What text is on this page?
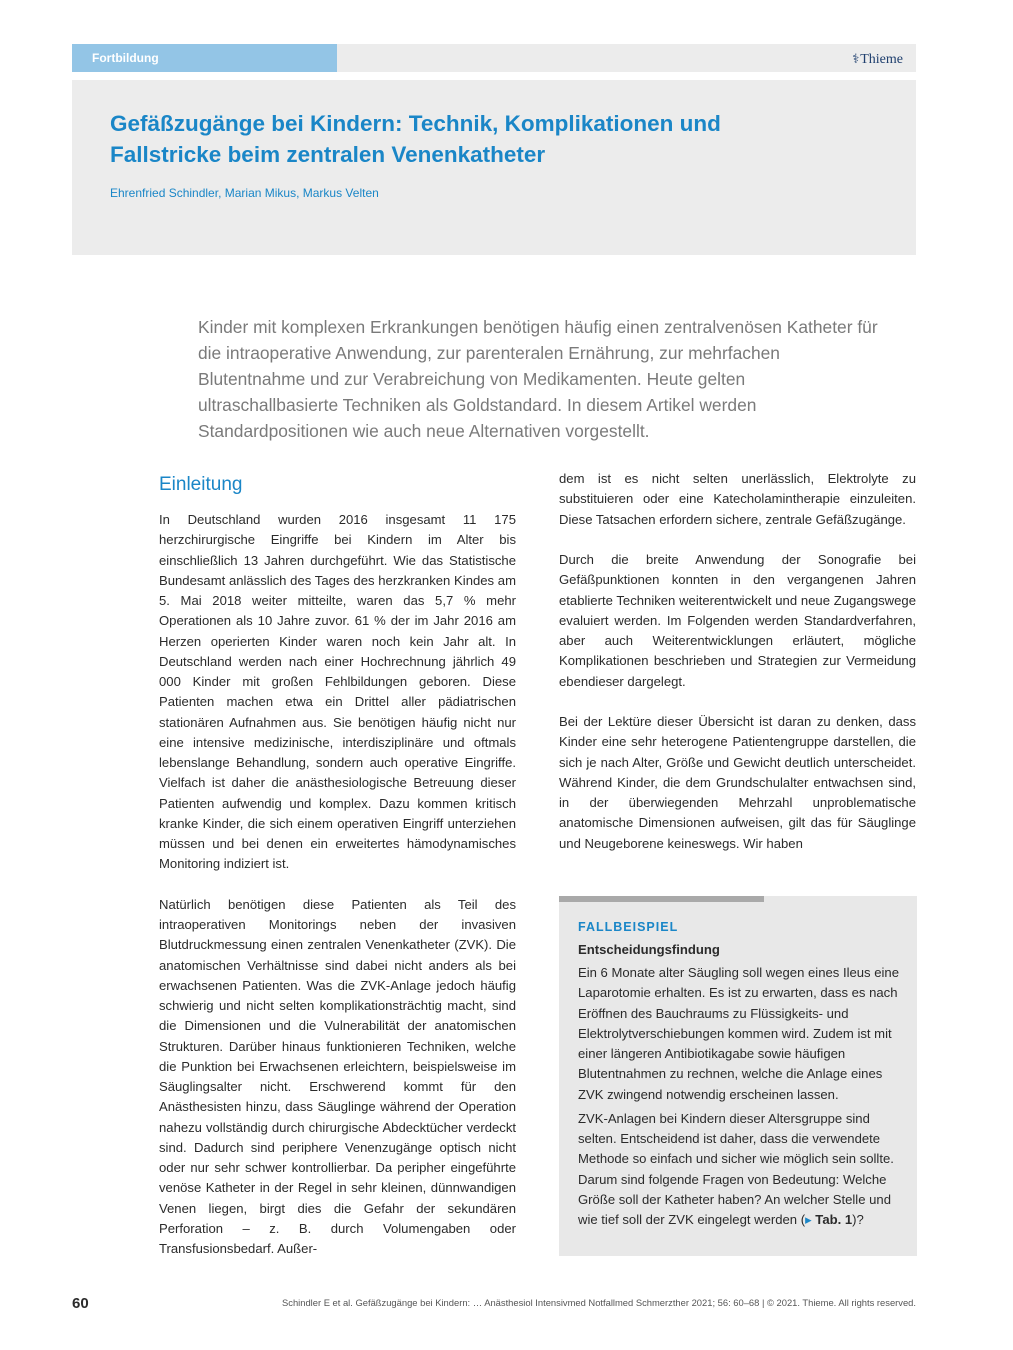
Fortbildung	⚕Thieme
Gefäßzugänge bei Kindern: Technik, Komplikationen und Fallstricke beim zentralen Venenkatheter

Ehrenfried Schindler, Marian Mikus, Markus Velten

Kinder mit komplexen Erkrankungen benötigen häufig einen zentralvenösen Katheter für die intraoperative Anwendung, zur parenteralen Ernährung, zur mehrfachen Blutentnahme und zur Verabreichung von Medikamenten. Heute gelten ultraschallbasierte Techniken als Goldstandard. In diesem Artikel werden Standardpositionen wie auch neue Alternativen vorgestellt.

Einleitung

In Deutschland wurden 2016 insgesamt 11 175 herzchirurgische Eingriffe bei Kindern im Alter bis einschließlich 13 Jahren durchgeführt. Wie das Statistische Bundesamt anlässlich des Tages des herzkranken Kindes am 5. Mai 2018 weiter mitteilte, waren das 5,7 % mehr Operationen als 10 Jahre zuvor. 61 % der im Jahr 2016 am Herzen operierten Kinder waren noch kein Jahr alt. In Deutschland werden nach einer Hochrechnung jährlich 49 000 Kinder mit großen Fehlbildungen geboren. Diese Patienten machen etwa ein Drittel aller pädiatrischen stationären Aufnahmen aus. Sie benötigen häufig nicht nur eine intensive medizinische, interdisziplinäre und oftmals lebenslange Behandlung, sondern auch operative Eingriffe. Vielfach ist daher die anästhesiologische Betreuung dieser Patienten aufwendig und komplex. Dazu kommen kritisch kranke Kinder, die sich einem operativen Eingriff unterziehen müssen und bei denen ein erweitertes hämodynamisches Monitoring indiziert ist.

Natürlich benötigen diese Patienten als Teil des intraoperativen Monitorings neben der invasiven Blutdruckmessung einen zentralen Venenkatheter (ZVK). Die anatomischen Verhältnisse sind dabei nicht anders als bei erwachsenen Patienten. Was die ZVK-Anlage jedoch häufig schwierig und nicht selten komplikationsträchtig macht, sind die Dimensionen und die Vulnerabilität der anatomischen Strukturen. Darüber hinaus funktionieren Techniken, welche die Punktion bei Erwachsenen erleichtern, beispielsweise im Säuglingsalter nicht. Erschwerend kommt für den Anästhesisten hinzu, dass Säuglinge während der Operation nahezu vollständig durch chirurgische Abdecktücher verdeckt sind. Dadurch sind periphere Venenzugänge optisch nicht oder nur sehr schwer kontrollierbar. Da peripher eingeführte venöse Katheter in der Regel in sehr kleinen, dünnwandigen Venen liegen, birgt dies die Gefahr der sekundären Perforation – z. B. durch Volumengaben oder Transfusionsbedarf. Außer-

dem ist es nicht selten unerlässlich, Elektrolyte zu substituieren oder eine Katecholamintherapie einzuleiten. Diese Tatsachen erfordern sichere, zentrale Gefäßzugänge.

Durch die breite Anwendung der Sonografie bei Gefäßpunktionen konnten in den vergangenen Jahren etablierte Techniken weiterentwickelt und neue Zugangswege evaluiert werden. Im Folgenden werden Standardverfahren, aber auch Weiterentwicklungen erläutert, mögliche Komplikationen beschrieben und Strategien zur Vermeidung ebendieser dargelegt.

Bei der Lektüre dieser Übersicht ist daran zu denken, dass Kinder eine sehr heterogene Patientengruppe darstellen, die sich je nach Alter, Größe und Gewicht deutlich unterscheidet. Während Kinder, die dem Grundschulalter entwachsen sind, in der überwiegenden Mehrzahl unproblematische anatomische Dimensionen aufweisen, gilt das für Säuglinge und Neugeborene keineswegs. Wir haben

FALLBEISPIEL
Entscheidungsfindung

Ein 6 Monate alter Säugling soll wegen eines Ileus eine Laparotomie erhalten. Es ist zu erwarten, dass es nach Eröffnen des Bauchraums zu Flüssigkeits- und Elektrolytverschiebungen kommen wird. Zudem ist mit einer längeren Antibiotikagabe sowie häufigen Blutentnahmen zu rechnen, welche die Anlage eines ZVK zwingend notwendig erscheinen lassen.

ZVK-Anlagen bei Kindern dieser Altersgruppe sind selten. Entscheidend ist daher, dass die verwendete Methode so einfach und sicher wie möglich sein sollte. Darum sind folgende Fragen von Bedeutung: Welche Größe soll der Katheter haben? An welcher Stelle und wie tief soll der ZVK eingelegt werden (▸ Tab. 1)?

60	Schindler E et al. Gefäßzugänge bei Kindern: … Anästhesiol Intensivmed Notfallmed Schmerzther 2021; 56: 60–68 | © 2021. Thieme. All rights reserved.
